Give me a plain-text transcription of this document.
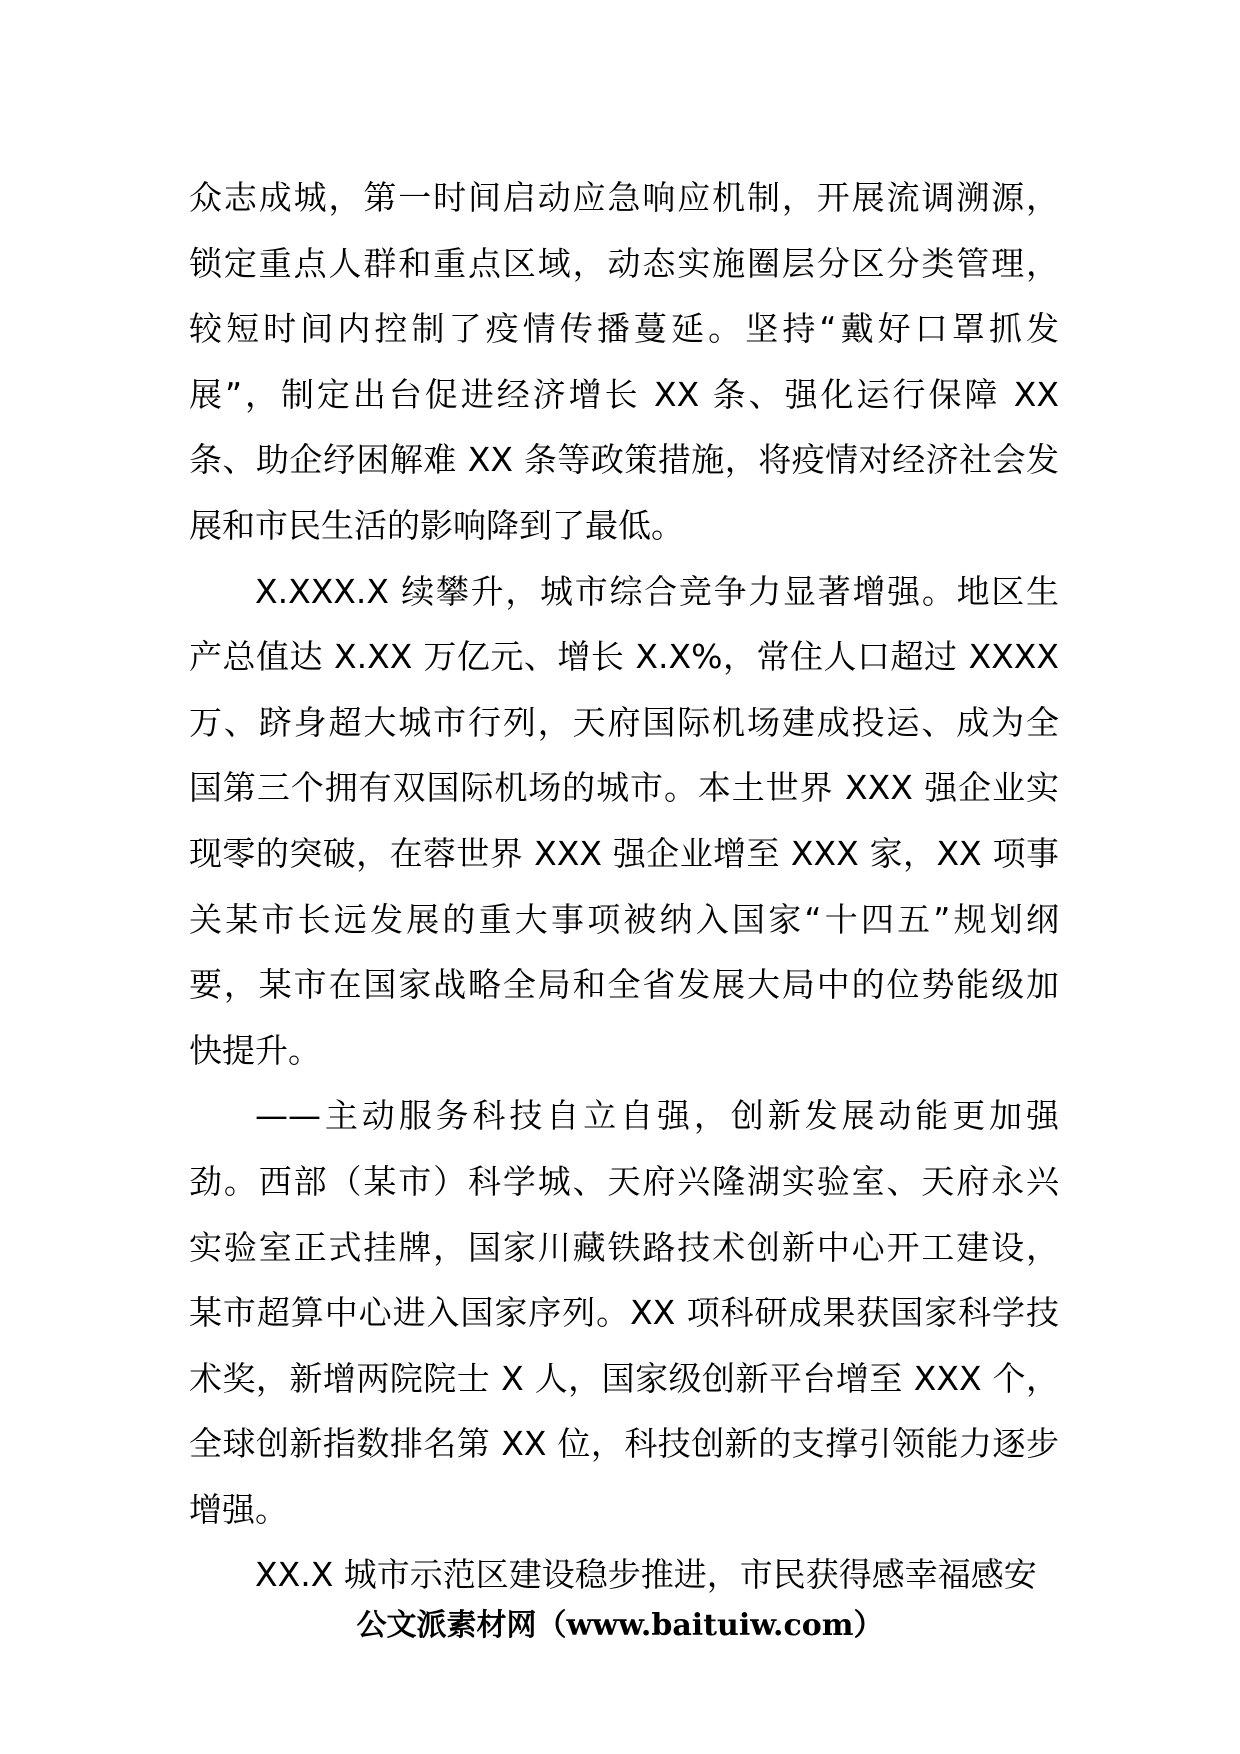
众志成城，第一时间启动应急响应机制，开展流调溯源，
锁定重点人群和重点区域，动态实施圈层分区分类管理，
较短时间内控制了疫情传播蔓延。坚持“戴好口罩抓发
展”，制定出台促进经济增长 XX 条、强化运行保障 XX
条、助企纾困解难 XX 条等政策措施，将疫情对经济社会发
展和市民生活的影响降到了最低。
X.XXX.X 续攀升，城市综合竞争力显著增强。地区生
产总值达 X.XX 万亿元、增长 X.X%，常住人口超过 XXXX
万、跻身超大城市行列，天府国际机场建成投运、成为全
国第三个拥有双国际机场的城市。本土世界 XXX 强企业实
现零的突破，在蓉世界 XXX 强企业增至 XXX 家，XX 项事
关某市长远发展的重大事项被纳入国家“十四五”规划纲
要，某市在国家战略全局和全省发展大局中的位势能级加
快提升。
——主动服务科技自立自强，创新发展动能更加强
劲。西部（某市）科学城、天府兴隆湖实验室、天府永兴
实验室正式挂牌，国家川藏铁路技术创新中心开工建设，
某市超算中心进入国家序列。XX 项科研成果获国家科学技
术奖，新增两院院士 X 人，国家级创新平台增至 XXX 个，
全球创新指数排名第 XX 位，科技创新的支撑引领能力逐步
增强。
XX.X 城市示范区建设稳步推进，市民获得感幸福感安
公文派素材网（www.baituiw.com）
